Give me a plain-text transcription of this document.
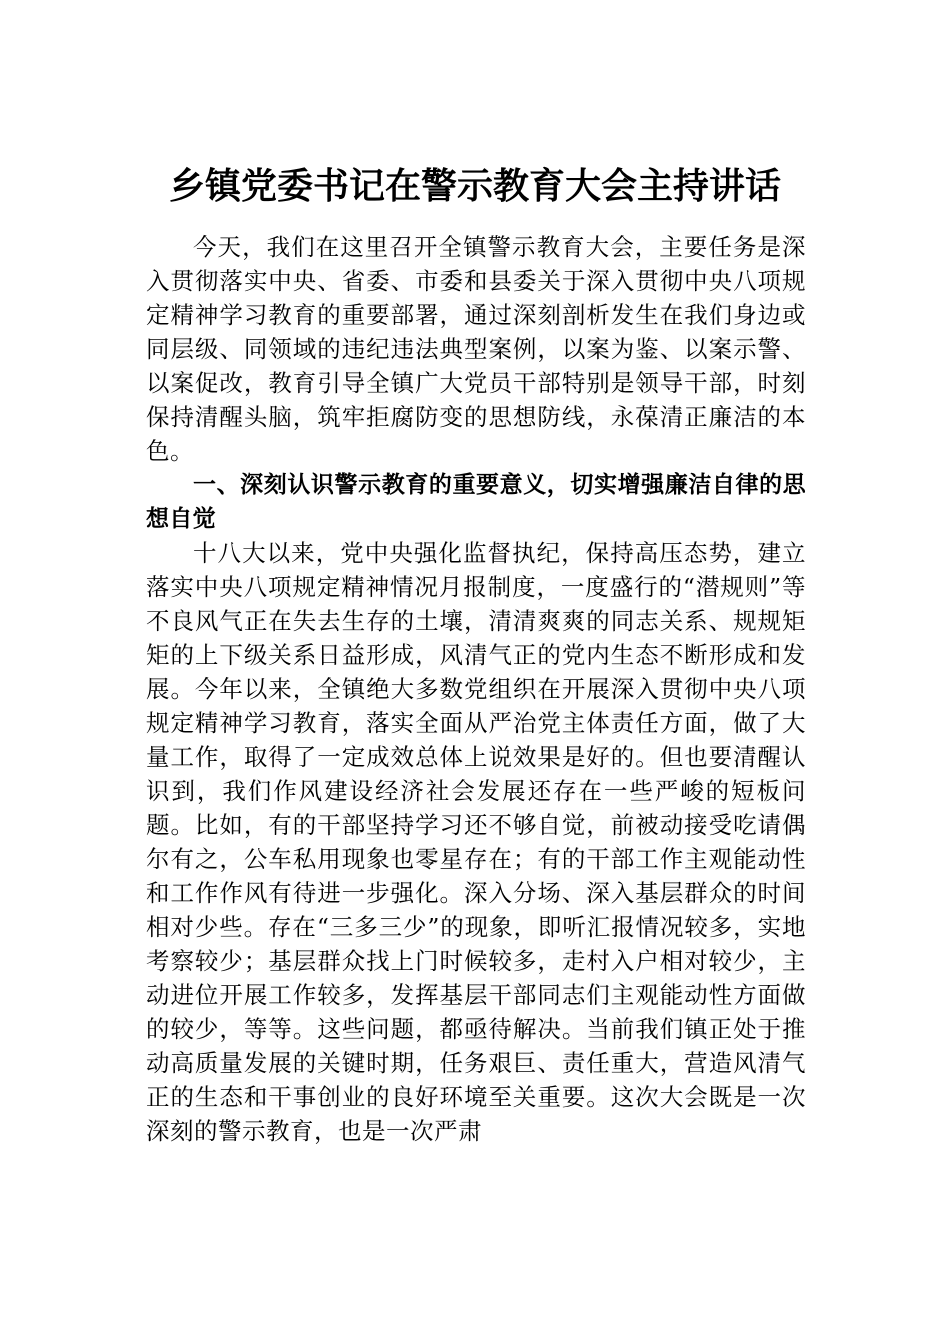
乡镇党委书记在警示教育大会主持讲话

今天，我们在这里召开全镇警示教育大会，主要任务是深入贯彻落实中央、省委、市委和县委关于深入贯彻中央八项规定精神学习教育的重要部署，通过深刻剖析发生在我们身边或同层级、同领域的违纪违法典型案例，以案为鉴、以案示警、以案促改，教育引导全镇广大党员干部特别是领导干部，时刻保持清醒头脑，筑牢拒腐防变的思想防线，永葆清正廉洁的本色。

一、深刻认识警示教育的重要意义，切实增强廉洁自律的思想自觉

十八大以来，党中央强化监督执纪，保持高压态势，建立落实中央八项规定精神情况月报制度，一度盛行的“潜规则”等不良风气正在失去生存的土壤，清清爽爽的同志关系、规规矩矩的上下级关系日益形成，风清气正的党内生态不断形成和发展。今年以来，全镇绝大多数党组织在开展深入贯彻中央八项规定精神学习教育，落实全面从严治党主体责任方面，做了大量工作，取得了一定成效总体上说效果是好的。但也要清醒认识到，我们作风建设经济社会发展还存在一些严峻的短板问题。比如，有的干部坚持学习还不够自觉，前被动接受吃请偶尔有之，公车私用现象也零星存在；有的干部工作主观能动性和工作作风有待进一步强化。深入分场、深入基层群众的时间相对少些。存在“三多三少”的现象，即听汇报情况较多，实地考察较少；基层群众找上门时候较多，走村入户相对较少，主动进位开展工作较多，发挥基层干部同志们主观能动性方面做的较少，等等。这些问题，都亟待解决。当前我们镇正处于推动高质量发展的关键时期，任务艰巨、责任重大，营造风清气正的生态和干事创业的良好环境至关重要。这次大会既是一次深刻的警示教育，也是一次严肃
